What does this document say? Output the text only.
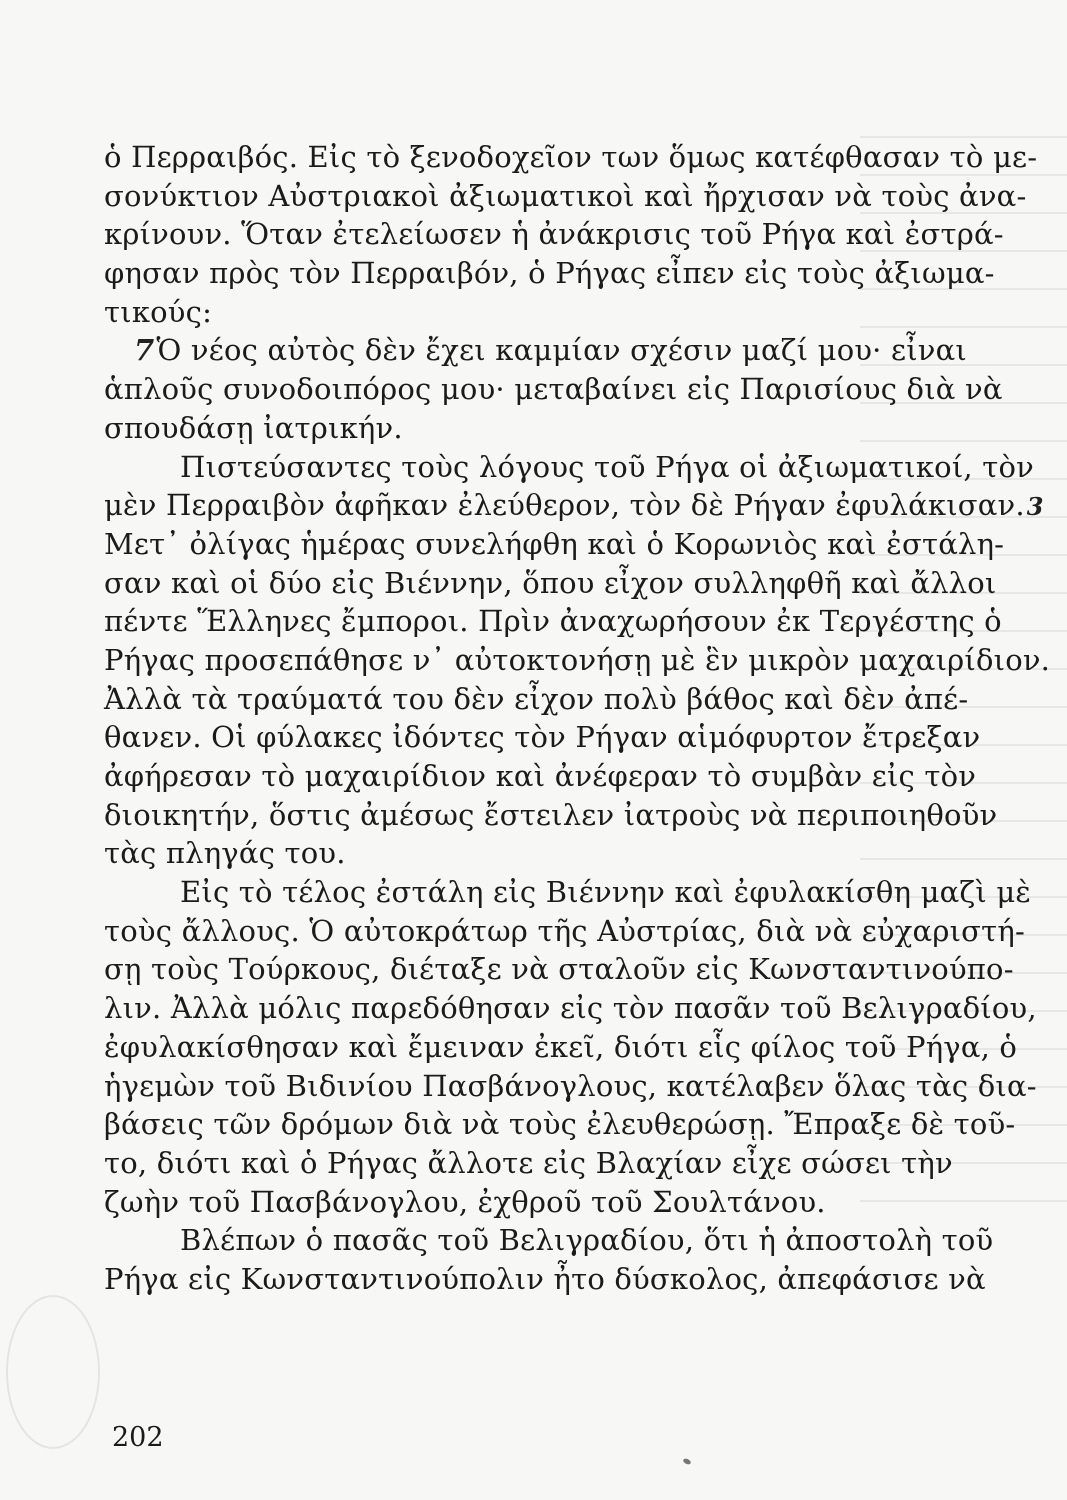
ὁ Περραιβός. Εἰς τὸ ξενοδοχεῖον των ὅμως κατέφθασαν τὸ με-
σονύκτιον Αὐστριακοὶ ἀξιωματικοὶ καὶ ἤρχισαν νὰ τοὺς ἀνα-
κρίνουν. Ὅταν ἐτελείωσεν ἡ ἀνάκρισις τοῦ Ρήγα καὶ ἐστρά-
φησαν πρὸς τὸν Περραιβόν, ὁ Ρήγας εἶπεν εἰς τοὺς ἀξιωμα-
τικούς:
7Ὁ νέος αὐτὸς δὲν ἔχει καμμίαν σχέσιν μαζί μου· εἶναι
ἁπλοῦς συνοδοιπόρος μου· μεταβαίνει εἰς Παρισίους διὰ νὰ
σπουδάσῃ ἰατρικήν.
Πιστεύσαντες τοὺς λόγους τοῦ Ρήγα οἱ ἀξιωματικοί, τὸν
μὲν Περραιβὸν ἀφῆκαν ἐλεύθερον, τὸν δὲ Ρήγαν ἐφυλάκισαν.3
Μετ᾿ ὀλίγας ἡμέρας συνελήφθη καὶ ὁ Κορωνιὸς καὶ ἐστάλη-
σαν καὶ οἱ δύο εἰς Βιέννην, ὅπου εἶχον συλληφθῆ καὶ ἄλλοι
πέντε Ἕλληνες ἔμποροι. Πρὶν ἀναχωρήσουν ἐκ Τεργέστης ὁ
Ρήγας προσεπάθησε ν᾿ αὐτοκτονήσῃ μὲ ἓν μικρὸν μαχαιρίδιον.
Ἀλλὰ τὰ τραύματά του δὲν εἶχον πολὺ βάθος καὶ δὲν ἀπέ-
θανεν. Οἱ φύλακες ἰδόντες τὸν Ρήγαν αἱμόφυρτον ἔτρεξαν
ἀφήρεσαν τὸ μαχαιρίδιον καὶ ἀνέφεραν τὸ συμβὰν εἰς τὸν
διοικητήν, ὅστις ἀμέσως ἔστειλεν ἰατροὺς νὰ περιποιηθοῦν
τὰς πληγάς του.
Εἰς τὸ τέλος ἐστάλη εἰς Βιέννην καὶ ἐφυλακίσθη μαζὶ μὲ
τοὺς ἄλλους. Ὁ αὐτοκράτωρ τῆς Αὐστρίας, διὰ νὰ εὐχαριστή-
σῃ τοὺς Τούρκους, διέταξε νὰ σταλοῦν εἰς Κωνσταντινούπο-
λιν. Ἀλλὰ μόλις παρεδόθησαν εἰς τὸν πασᾶν τοῦ Βελιγραδίου,
ἐφυλακίσθησαν καὶ ἔμειναν ἐκεῖ, διότι εἷς φίλος τοῦ Ρήγα, ὁ
ἡγεμὼν τοῦ Βιδινίου Πασβάνογλους, κατέλαβεν ὅλας τὰς δια-
βάσεις τῶν δρόμων διὰ νὰ τοὺς ἐλευθερώσῃ. Ἔπραξε δὲ τοῦ-
το, διότι καὶ ὁ Ρήγας ἄλλοτε εἰς Βλαχίαν εἶχε σώσει τὴν
ζωὴν τοῦ Πασβάνογλου, ἐχθροῦ τοῦ Σουλτάνου.
Βλέπων ὁ πασᾶς τοῦ Βελιγραδίου, ὅτι ἡ ἀποστολὴ τοῦ
Ρήγα εἰς Κωνσταντινούπολιν ἦτο δύσκολος, ἀπεφάσισε νὰ
202
